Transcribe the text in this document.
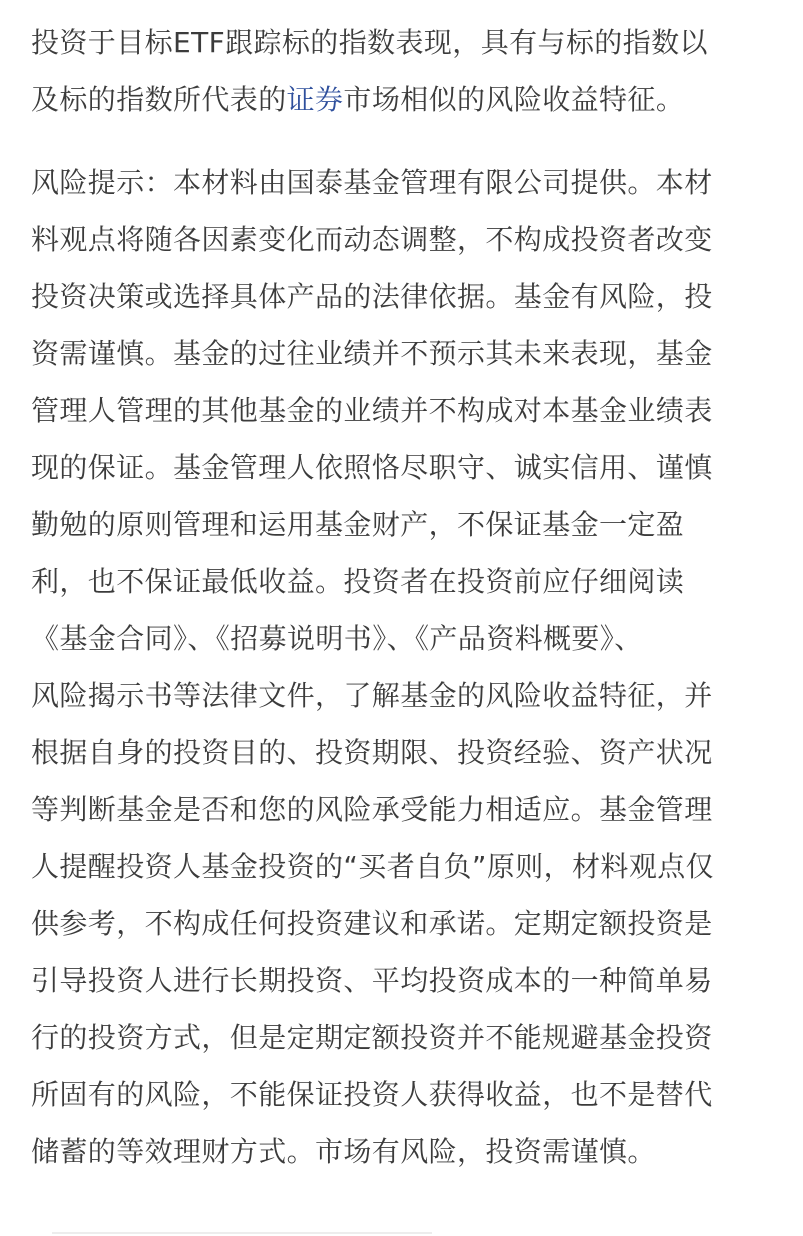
投资于目标ETF跟踪标的指数表现，具有与标的指数以
及标的指数所代表的证券市场相似的风险收益特征。

风险提示：本材料由国泰基金管理有限公司提供。本材
料观点将随各因素变化而动态调整，不构成投资者改变
投资决策或选择具体产品的法律依据。基金有风险，投
资需谨慎。基金的过往业绩并不预示其未来表现，基金
管理人管理的其他基金的业绩并不构成对本基金业绩表
现的保证。基金管理人依照恪尽职守、诚实信用、谨慎
勤勉的原则管理和运用基金财产，不保证基金一定盈
利，也不保证最低收益。投资者在投资前应仔细阅读
《基金合同》、《招募说明书》、《产品资料概要》、
风险揭示书等法律文件，了解基金的风险收益特征，并
根据自身的投资目的、投资期限、投资经验、资产状况
等判断基金是否和您的风险承受能力相适应。基金管理
人提醒投资人基金投资的“买者自负”原则，材料观点仅
供参考，不构成任何投资建议和承诺。定期定额投资是
引导投资人进行长期投资、平均投资成本的一种简单易
行的投资方式，但是定期定额投资并不能规避基金投资
所固有的风险，不能保证投资人获得收益，也不是替代
储蓄的等效理财方式。市场有风险，投资需谨慎。
